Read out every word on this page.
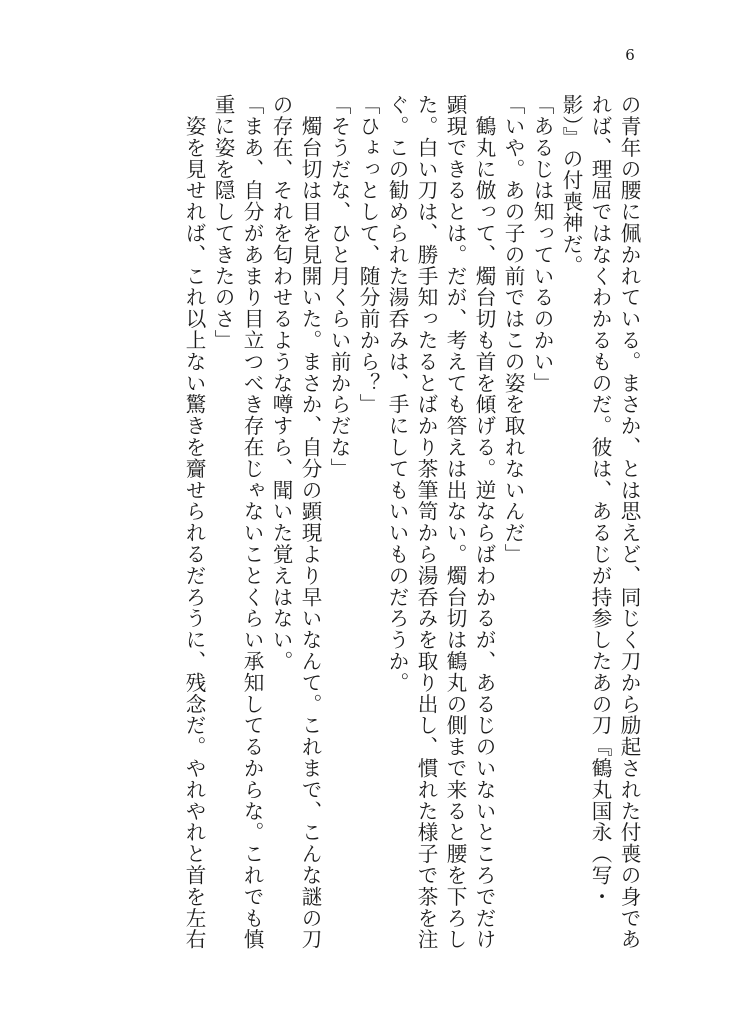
6

の青年の腰に佩かれている。まさか、とは思えど、同じく刀から励起された付喪の身であ

れば、理屈ではなくわかるものだ。彼は、あるじが持参したあの刀『鶴丸国永（写・

影）』の付喪神だ。

「あるじは知っているのかい」

「いや。あの子の前ではこの姿を取れないんだ」

　鶴丸に倣って、燭台切も首を傾げる。逆ならばわかるが、あるじのいないところでだけ

顕現できるとは。だが、考えても答えは出ない。燭台切は鶴丸の側まで来ると腰を下ろし

た。白い刀は、勝手知ったるとばかり茶筆笥から湯呑みを取り出し、慣れた様子で茶を注

ぐ。この勧められた湯呑みは、手にしてもいいものだろうか。

「ひょっとして、随分前から？」

「そうだな、ひと月くらい前からだな」

　燭台切は目を見開いた。まさか、自分の顕現より早いなんて。これまで、こんな謎の刀

の存在、それを匂わせるような噂すら、聞いた覚えはない。

「まあ、自分があまり目立つべき存在じゃないことくらい承知してるからな。これでも慎

重に姿を隠してきたのさ」

　姿を見せれば、これ以上ない驚きを齎せられるだろうに、残念だ。やれやれと首を左右
